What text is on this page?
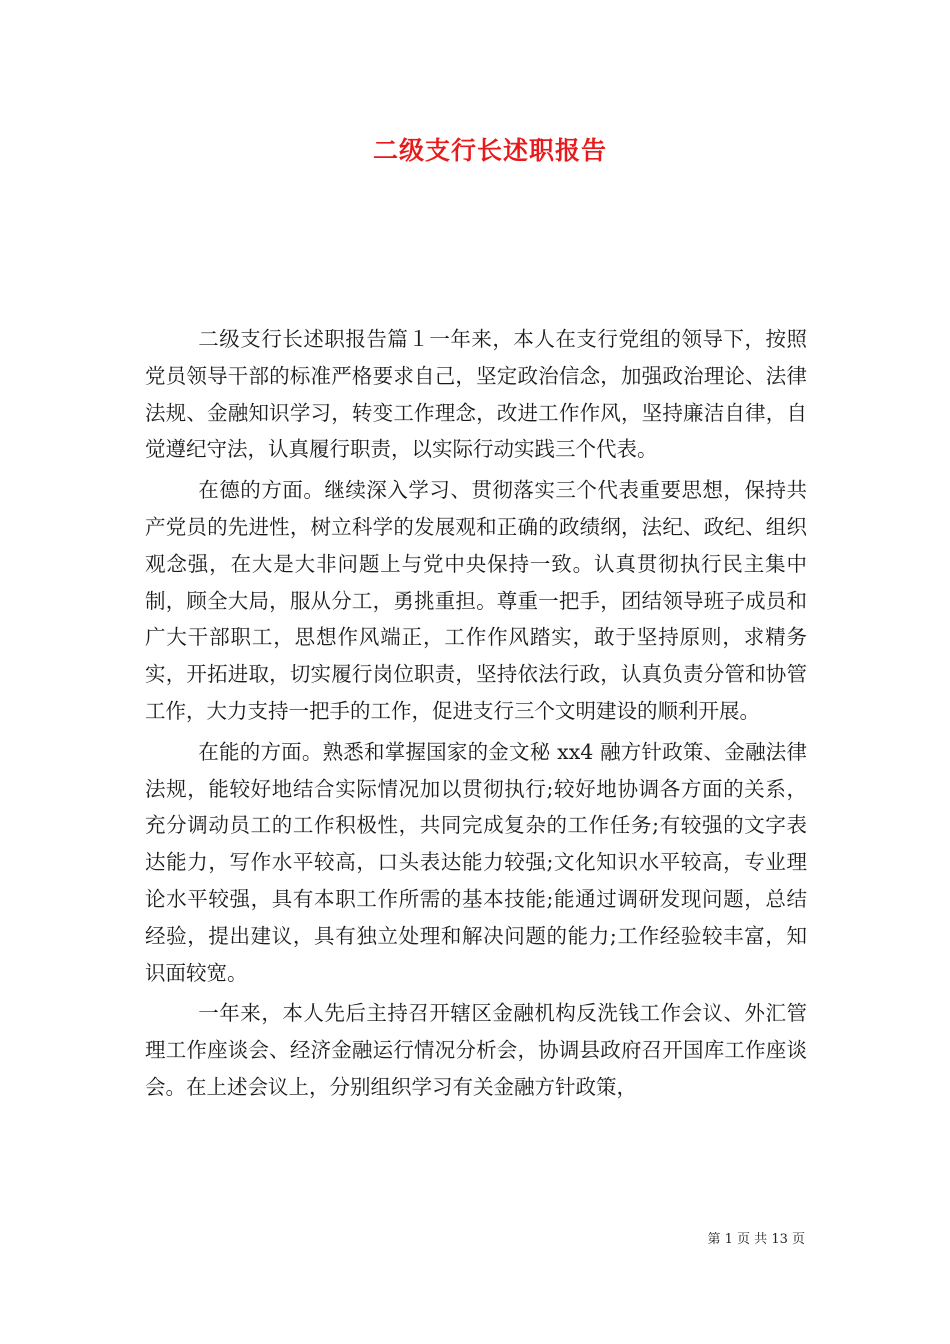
二级支行长述职报告

二级支行长述职报告篇１一年来，本人在支行党组的领导下，按照党员领导干部的标准严格要求自己，坚定政治信念，加强政治理论、法律法规、金融知识学习，转变工作理念，改进工作作风，坚持廉洁自律，自觉遵纪守法，认真履行职责，以实际行动实践三个代表。

在德的方面。继续深入学习、贯彻落实三个代表重要思想，保持共产党员的先进性，树立科学的发展观和正确的政绩纲，法纪、政纪、组织观念强，在大是大非问题上与党中央保持一致。认真贯彻执行民主集中制，顾全大局，服从分工，勇挑重担。尊重一把手，团结领导班子成员和广大干部职工，思想作风端正，工作作风踏实，敢于坚持原则，求精务实，开拓进取，切实履行岗位职责，坚持依法行政，认真负责分管和协管工作，大力支持一把手的工作，促进支行三个文明建设的顺利开展。

在能的方面。熟悉和掌握国家的金文秘 xx4 融方针政策、金融法律法规，能较好地结合实际情况加以贯彻执行;较好地协调各方面的关系，充分调动员工的工作积极性，共同完成复杂的工作任务;有较强的文字表达能力，写作水平较高，口头表达能力较强;文化知识水平较高，专业理论水平较强，具有本职工作所需的基本技能;能通过调研发现问题，总结经验，提出建议，具有独立处理和解决问题的能力;工作经验较丰富，知识面较宽。

一年来，本人先后主持召开辖区金融机构反洗钱工作会议、外汇管理工作座谈会、经济金融运行情况分析会，协调县政府召开国库工作座谈会。在上述会议上，分别组织学习有关金融方针政策，

第 1 页 共 13 页
